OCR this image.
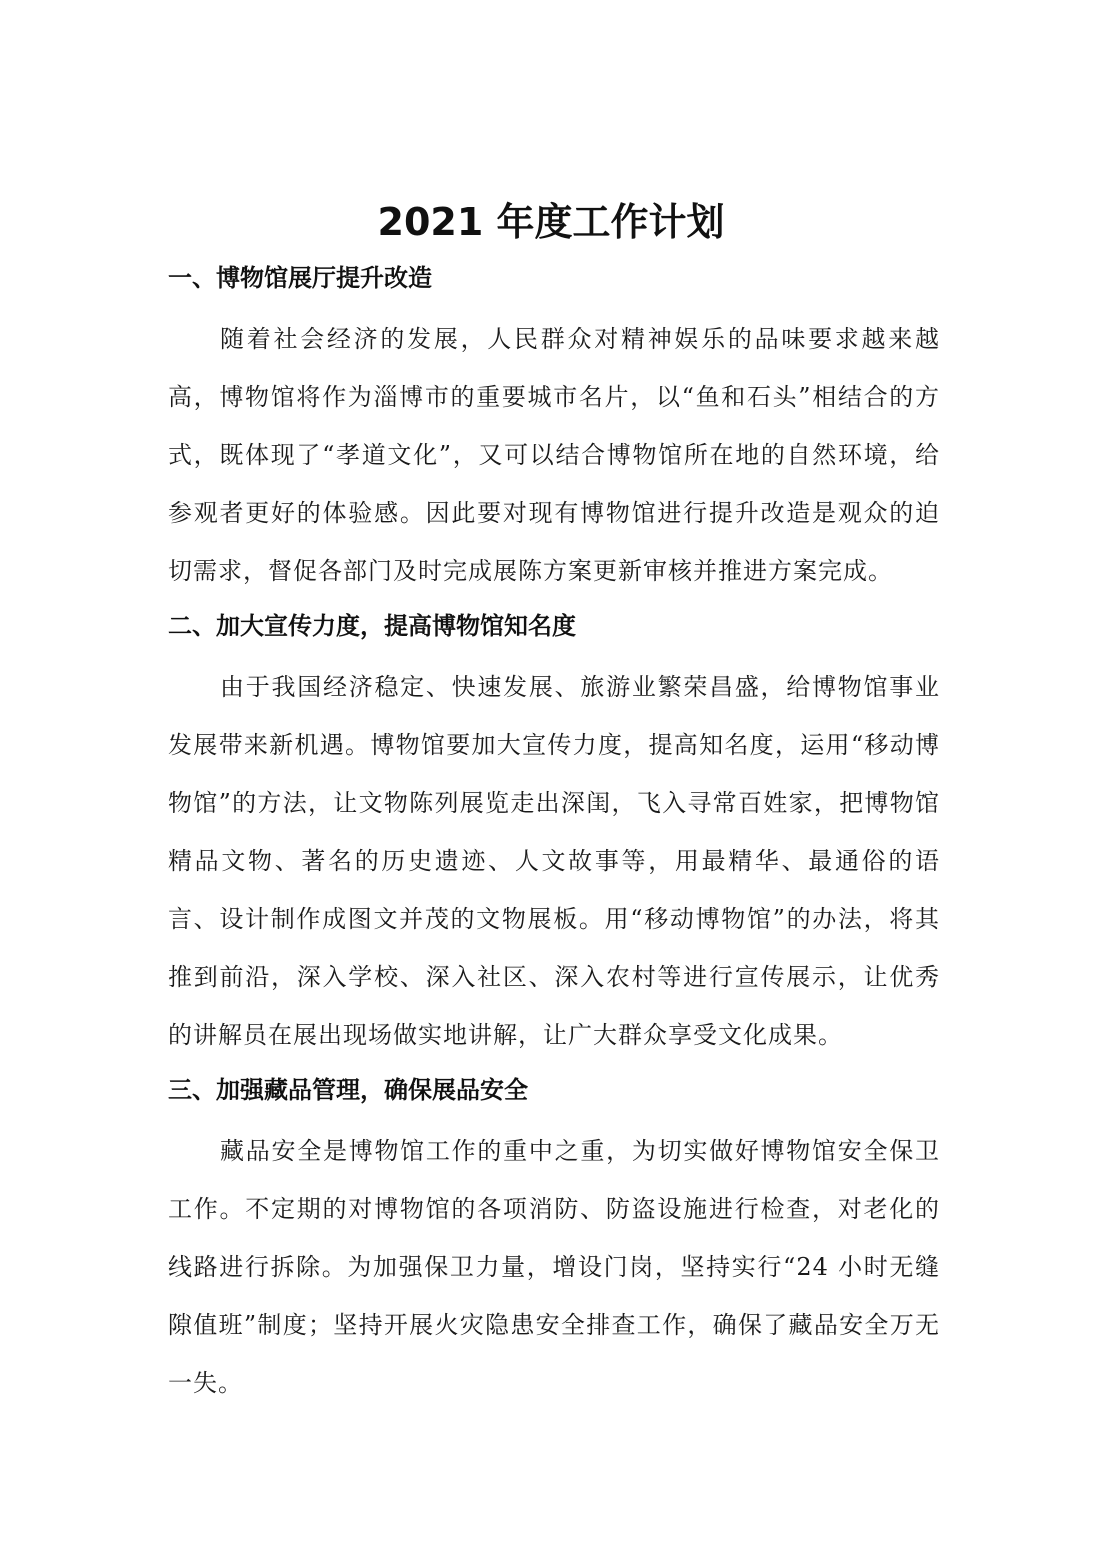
2021 年度工作计划
一、博物馆展厅提升改造

随着社会经济的发展，人民群众对精神娱乐的品味要求越来越高，博物馆将作为淄博市的重要城市名片，以“鱼和石头”相结合的方式，既体现了“孝道文化”，又可以结合博物馆所在地的自然环境，给参观者更好的体验感。因此要对现有博物馆进行提升改造是观众的迫切需求，督促各部门及时完成展陈方案更新审核并推进方案完成。

二、加大宣传力度，提高博物馆知名度

由于我国经济稳定、快速发展、旅游业繁荣昌盛，给博物馆事业发展带来新机遇。博物馆要加大宣传力度，提高知名度，运用“移动博物馆”的方法，让文物陈列展览走出深闺，飞入寻常百姓家，把博物馆精品文物、著名的历史遗迹、人文故事等，用最精华、最通俗的语言、设计制作成图文并茂的文物展板。用“移动博物馆”的办法，将其推到前沿，深入学校、深入社区、深入农村等进行宣传展示，让优秀的讲解员在展出现场做实地讲解，让广大群众享受文化成果。

三、加强藏品管理，确保展品安全

藏品安全是博物馆工作的重中之重，为切实做好博物馆安全保卫工作。不定期的对博物馆的各项消防、防盗设施进行检查，对老化的线路进行拆除。为加强保卫力量，增设门岗，坚持实行“24 小时无缝隙值班”制度；坚持开展火灾隐患安全排查工作，确保了藏品安全万无一失。
